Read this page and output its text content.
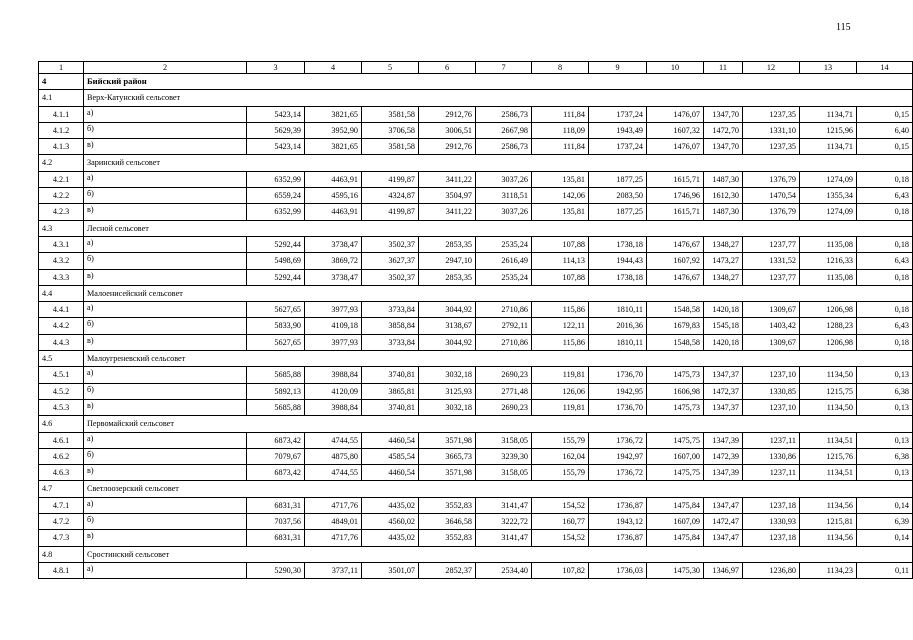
115
1	2	3	4	5	6	7	8	9	10	11	12	13	14
4	Бийский район												
4.1	Верх-Катунский сельсовет												
4.1.1	а)	5423,14	3821,65	3581,58	2912,76	2586,73	111,84	1737,24	1476,07	1347,70	1237,35	1134,71	0,15
4.1.2	б)	5629,39	3952,90	3706,58	3006,51	2667,98	118,09	1943,49	1607,32	1472,70	1331,10	1215,96	6,40
4.1.3	в)	5423,14	3821,65	3581,58	2912,76	2586,73	111,84	1737,24	1476,07	1347,70	1237,35	1134,71	0,15
4.2	Заринский сельсовет												
4.2.1	а)	6352,99	4463,91	4199,87	3411,22	3037,26	135,81	1877,25	1615,71	1487,30	1376,79	1274,09	0,18
4.2.2	б)	6559,24	4595,16	4324,87	3504,97	3118,51	142,06	2083,50	1746,96	1612,30	1470,54	1355,34	6,43
4.2.3	в)	6352,99	4463,91	4199,87	3411,22	3037,26	135,81	1877,25	1615,71	1487,30	1376,79	1274,09	0,18
4.3	Лесной сельсовет												
4.3.1	а)	5292,44	3738,47	3502,37	2853,35	2535,24	107,88	1738,18	1476,67	1348,27	1237,77	1135,08	0,18
4.3.2	б)	5498,69	3869,72	3627,37	2947,10	2616,49	114,13	1944,43	1607,92	1473,27	1331,52	1216,33	6,43
4.3.3	в)	5292,44	3738,47	3502,37	2853,35	2535,24	107,88	1738,18	1476,67	1348,27	1237,77	1135,08	0,18
4.4	Малоенисейский сельсовет												
4.4.1	а)	5627,65	3977,93	3733,84	3044,92	2710,86	115,86	1810,11	1548,58	1420,18	1309,67	1206,98	0,18
4.4.2	б)	5833,90	4109,18	3858,84	3138,67	2792,11	122,11	2016,36	1679,83	1545,18	1403,42	1288,23	6,43
4.4.3	в)	5627,65	3977,93	3733,84	3044,92	2710,86	115,86	1810,11	1548,58	1420,18	1309,67	1206,98	0,18
4.5	Малоугреневский сельсовет												
4.5.1	а)	5685,88	3988,84	3740,81	3032,18	2690,23	119,81	1736,70	1475,73	1347,37	1237,10	1134,50	0,13
4.5.2	б)	5892,13	4120,09	3865,81	3125,93	2771,48	126,06	1942,95	1606,98	1472,37	1330,85	1215,75	6,38
4.5.3	в)	5685,88	3988,84	3740,81	3032,18	2690,23	119,81	1736,70	1475,73	1347,37	1237,10	1134,50	0,13
4.6	Первомайский сельсовет												
4.6.1	а)	6873,42	4744,55	4460,54	3571,98	3158,05	155,79	1736,72	1475,75	1347,39	1237,11	1134,51	0,13
4.6.2	б)	7079,67	4875,80	4585,54	3665,73	3239,30	162,04	1942,97	1607,00	1472,39	1330,86	1215,76	6,38
4.6.3	в)	6873,42	4744,55	4460,54	3571,98	3158,05	155,79	1736,72	1475,75	1347,39	1237,11	1134,51	0,13
4.7	Светлоозерский сельсовет												
4.7.1	а)	6831,31	4717,76	4435,02	3552,83	3141,47	154,52	1736,87	1475,84	1347,47	1237,18	1134,56	0,14
4.7.2	б)	7037,56	4849,01	4560,02	3646,58	3222,72	160,77	1943,12	1607,09	1472,47	1330,93	1215,81	6,39
4.7.3	в)	6831,31	4717,76	4435,02	3552,83	3141,47	154,52	1736,87	1475,84	1347,47	1237,18	1134,56	0,14
4.8	Сростинский сельсовет												
4.8.1	а)	5290,30	3737,11	3501,07	2852,37	2534,40	107,82	1736,03	1475,30	1346,97	1236,80	1134,23	0,11
